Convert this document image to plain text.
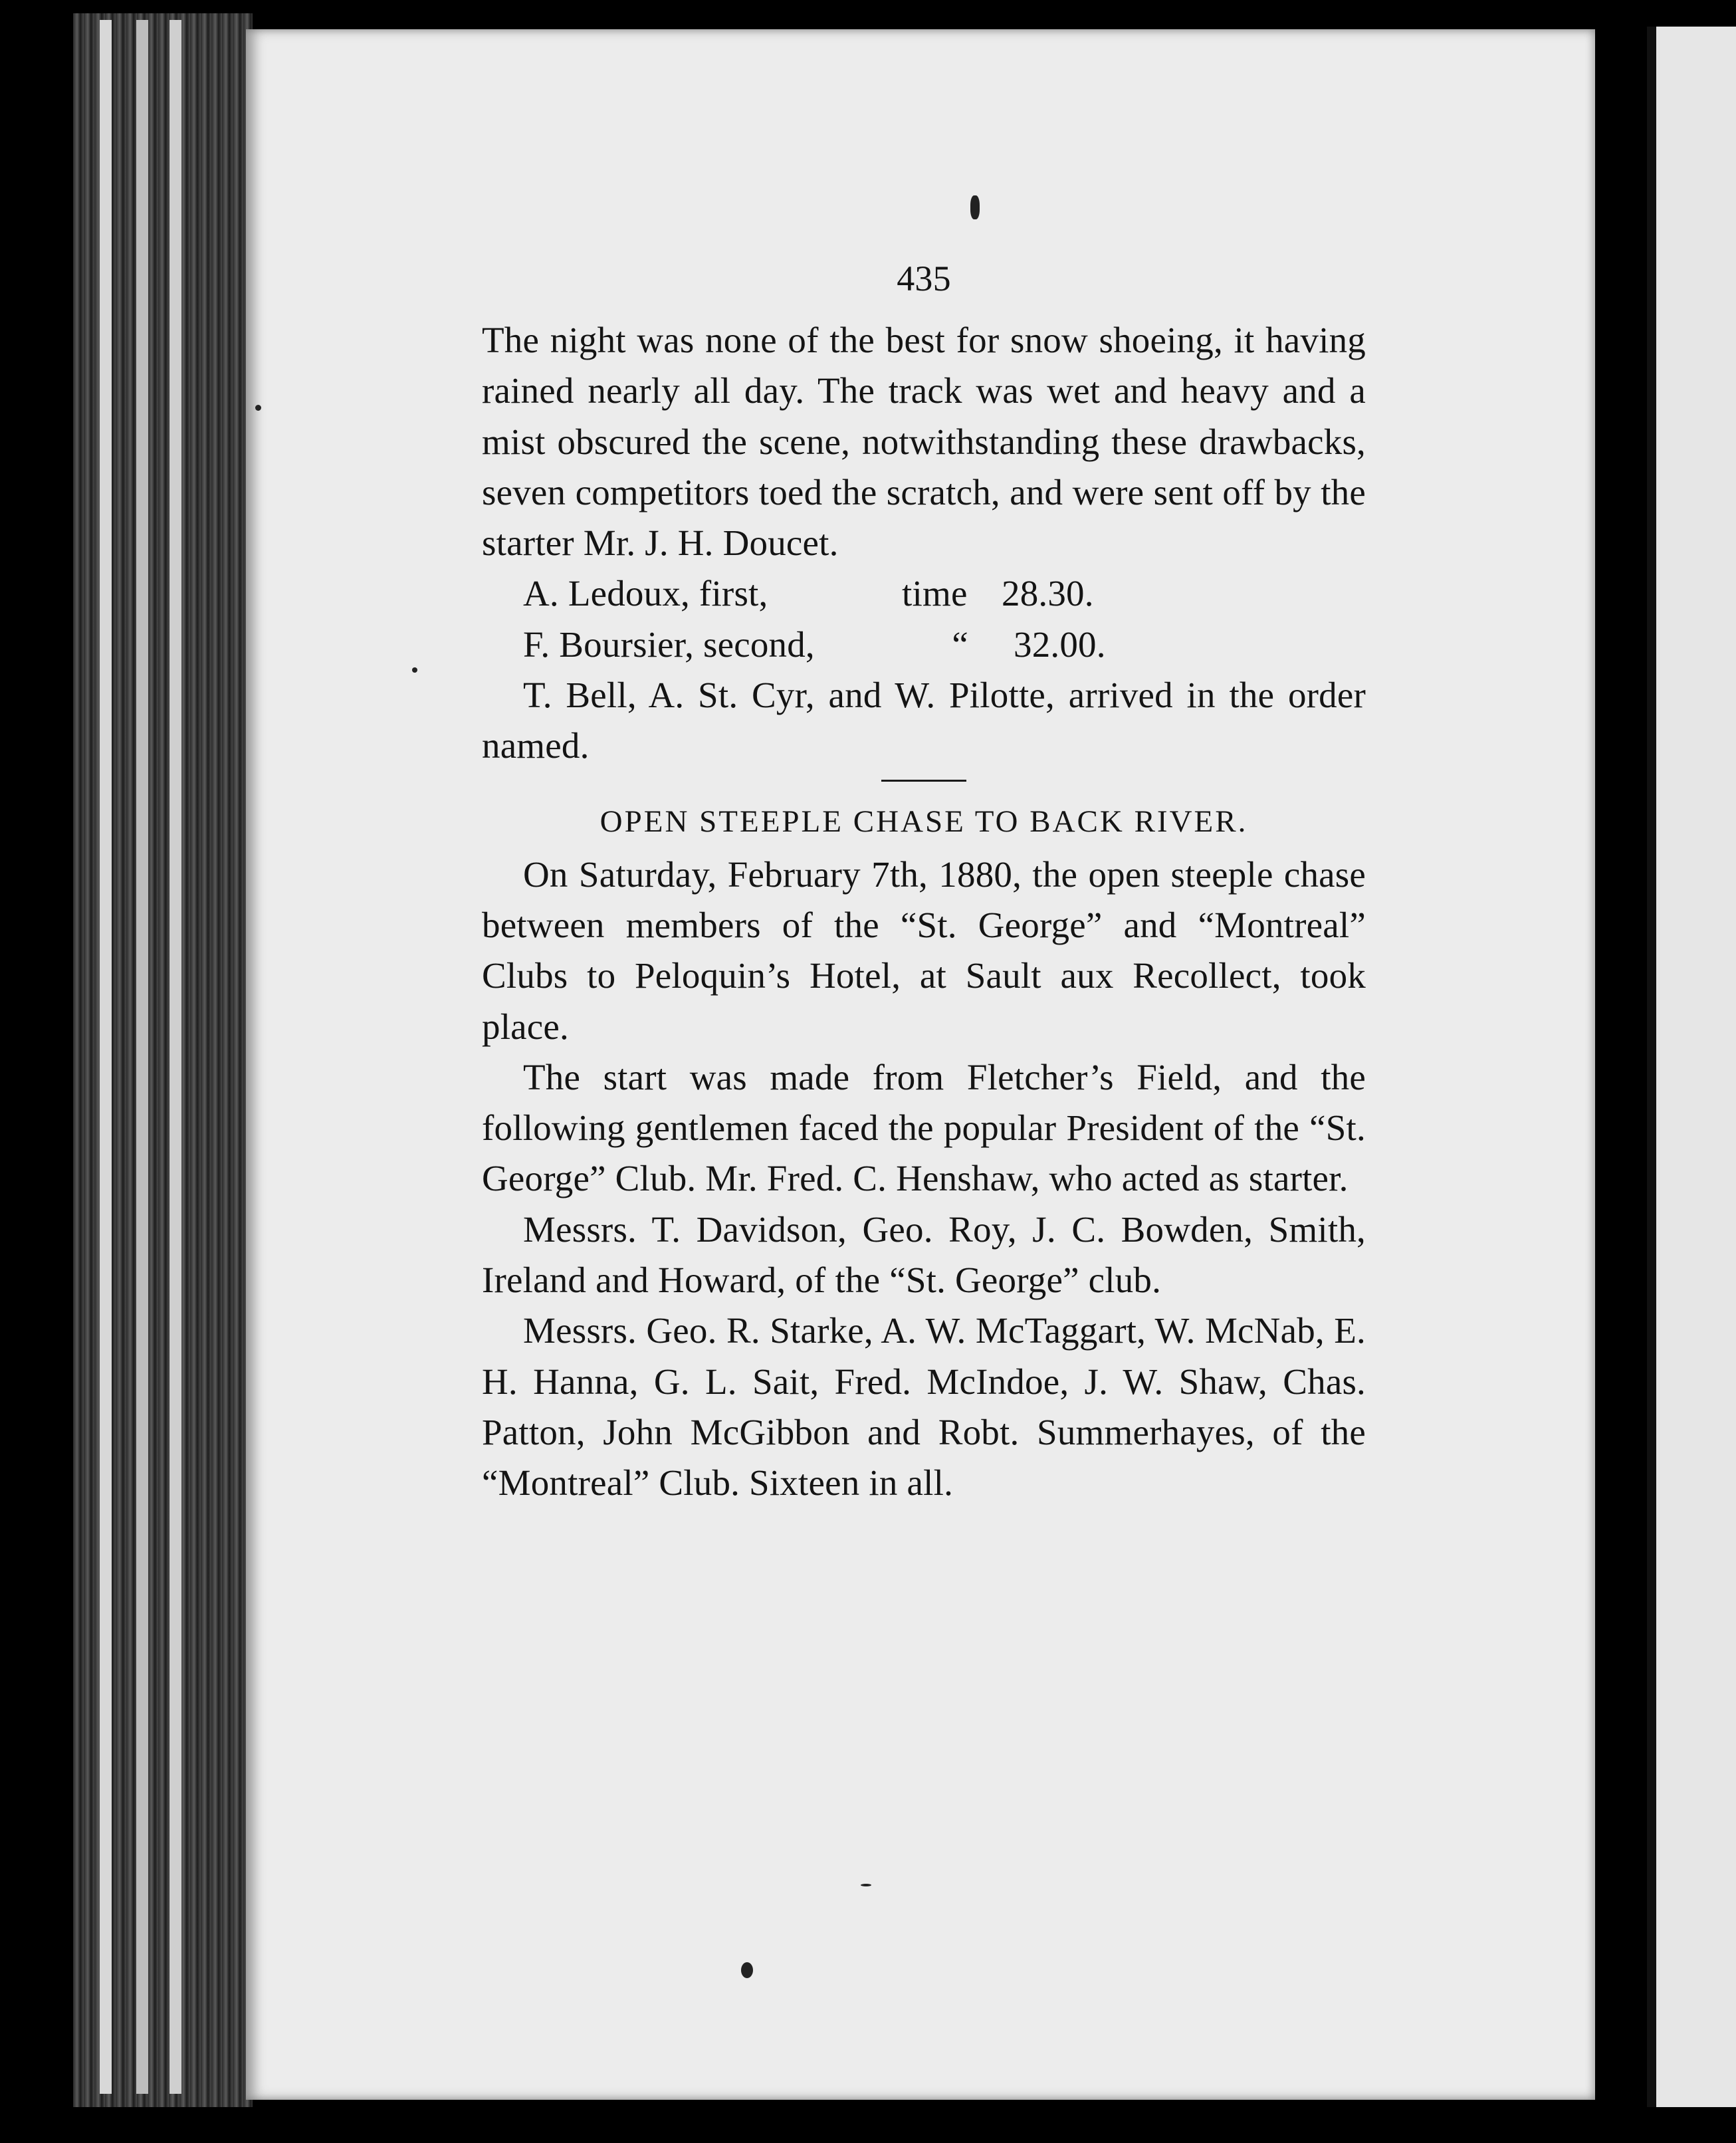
435

The night was none of the best for snow shoeing, it having rained nearly all day. The track was wet and heavy and a mist obscured the scene, notwithstanding these drawbacks, seven competitors toed the scratch, and were sent off by the starter Mr. J. H. Doucet.

A. Ledoux, first,	time 28.30.
F. Boursier, second,	“ 32.00.

T. Bell, A. St. Cyr, and W. Pilotte, arrived in the order named.

OPEN STEEPLE CHASE TO BACK RIVER.

On Saturday, February 7th, 1880, the open steeple chase between members of the “St. George” and “Montreal” Clubs to Peloquin’s Hotel, at Sault aux Recollect, took place.

The start was made from Fletcher’s Field, and the following gentlemen faced the popular President of the “St. George” Club. Mr. Fred. C. Henshaw, who acted as starter.

Messrs. T. Davidson, Geo. Roy, J. C. Bowden, Smith, Ireland and Howard, of the “St. George” club.

Messrs. Geo. R. Starke, A. W. McTaggart, W. McNab, E. H. Hanna, G. L. Sait, Fred. McIndoe, J. W. Shaw, Chas. Patton, John McGibbon and Robt. Summerhayes, of the “Montreal” Club. Sixteen in all.
